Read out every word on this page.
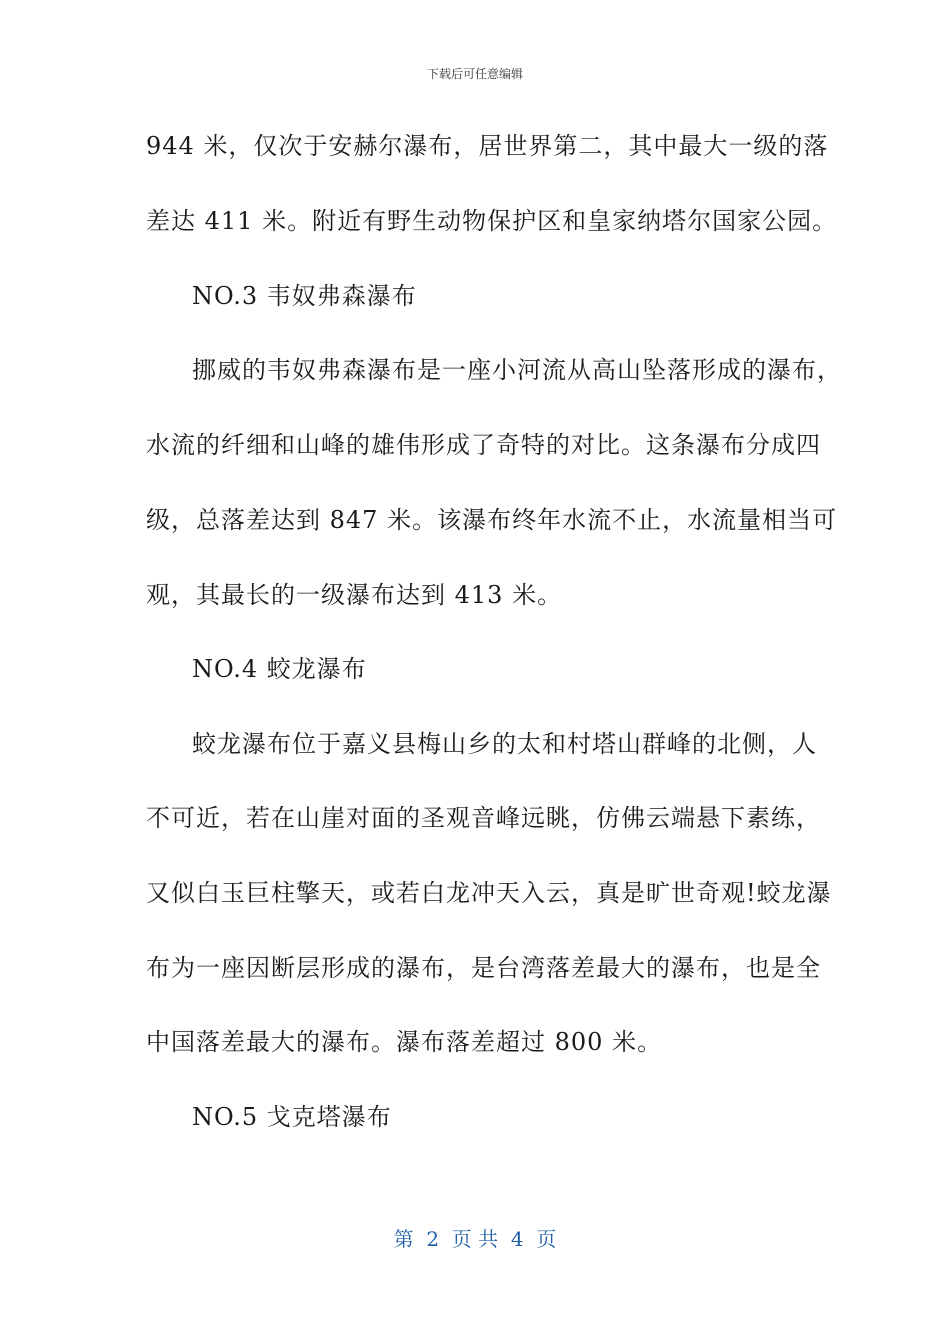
下载后可任意编辑
944 米，仅次于安赫尔瀑布，居世界第二，其中最大一级的落
差达 411 米。附近有野生动物保护区和皇家纳塔尔国家公园。
NO.3 韦奴弗森瀑布
挪威的韦奴弗森瀑布是一座小河流从高山坠落形成的瀑布，
水流的纤细和山峰的雄伟形成了奇特的对比。这条瀑布分成四
级，总落差达到 847 米。该瀑布终年水流不止，水流量相当可
观，其最长的一级瀑布达到 413 米。
NO.4 蛟龙瀑布
蛟龙瀑布位于嘉义县梅山乡的太和村塔山群峰的北侧，人
不可近，若在山崖对面的圣观音峰远眺，仿佛云端悬下素练，
又似白玉巨柱擎天，或若白龙冲天入云，真是旷世奇观!蛟龙瀑
布为一座因断层形成的瀑布，是台湾落差最大的瀑布，也是全
中国落差最大的瀑布。瀑布落差超过 800 米。
NO.5 戈克塔瀑布
第  2  页 共  4  页
